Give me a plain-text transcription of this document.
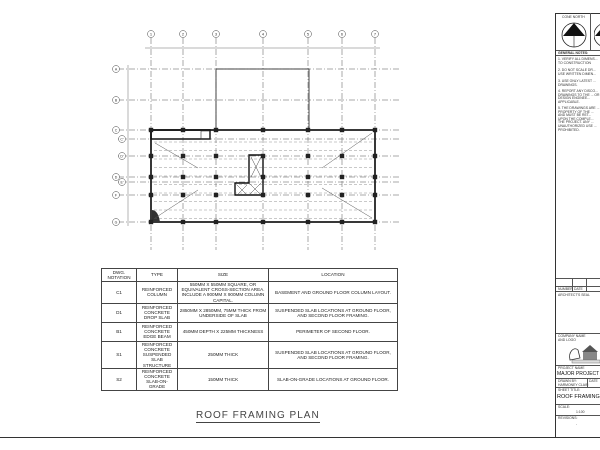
1	2	3	4	5	6	7
A
B
C
C'
D'
D
E'
F
G
DWG. NOTATION	TYPE	SIZE	LOCATION
C1	REINFORCED COLUMN	550MM X 550MM SQUARE, OR EQUIVALENT CROSS-SECTION AREA. INCLUDE A 900MM X 900MM COLUMN CAPITAL.	BASEMENT AND GROUND FLOOR COLUMN LAYOUT.
D1	REINFORCED CONCRETE DROP SLAB	2850MM X 2850MM, 75MM THICK FROM UNDERSIDE OF SLAB	SUSPENDED SLAB LOCATIONS AT GROUND FLOOR, AND SECOND FLOOR FRAMING.
B1	REINFORCED CONCRETE EDGE BEAM	450MM DEPTH X 225MM THICKNESS	PERIMETER OF SECOND FLOOR.
S1	REINFORCED CONCRETE SUSPENDED SLAB STRUCTURE	250MM THICK	SUSPENDED SLAB LOCATIONS AT GROUND FLOOR, AND SECOND FLOOR FRAMING.
S2	REINFORCED CONCRETE SLAB-ON-GRADE	150MM THICK	SLAB-ON-GRADE LOCATIONS AT GROUND FLOOR.
ROOF FRAMING PLAN
CONE NORTH
GENERAL NOTES:
1. VERIFY ALL DIMENS... TO CONSTRUCTION
2. DO NOT SCALE DR... USE WRITTEN DIMEN...
3. USE ONLY LATEST ... DRAWINGS.
4. REPORT ANY DISCO... DRAWINGS TO THE ... OR DESIGN ENGINEE... APPLICABLE.
5. THE DRAWINGS ARE ... PROPERTY OF THE ... AND MUST BE RET... UPON THE COMPLE... THE PROJECT. ANY ... UNAUTHORIZED USE ... PROHIBITED.
NUMBER DATE
ARCHITECT'S SEAL
COMPANY NAME
AND LOGO
PROJECT NAME
MAJOR PROJECT
DRAWN BY:
HARMONEY CLAIR
DATE
SHEET TITLE:
ROOF FRAMING
SCALE:
1:100
REVISIONS:
-
